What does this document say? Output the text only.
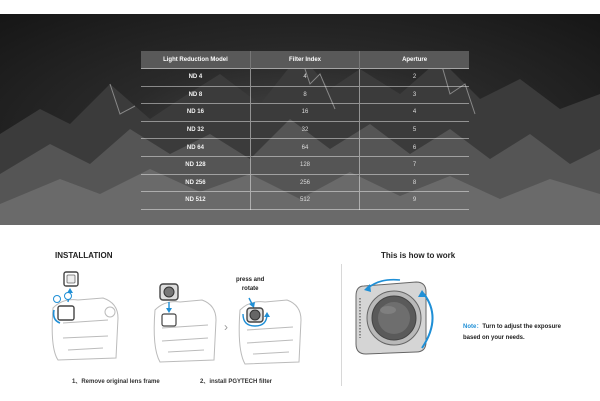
Light Reduction Model	Filter Index	Aperture
ND 4	4	2
ND 8	8	3
ND 16	16	4
ND 32	32	5
ND 64	64	6
ND 128	128	7
ND 256	256	8
ND 512	512	9
INSTALLATION
›
press and
rotate
1、Remove original lens frame	2、install PGYTECH filter
This is how to work
Note：Turn to adjust the exposure
based on your needs.
